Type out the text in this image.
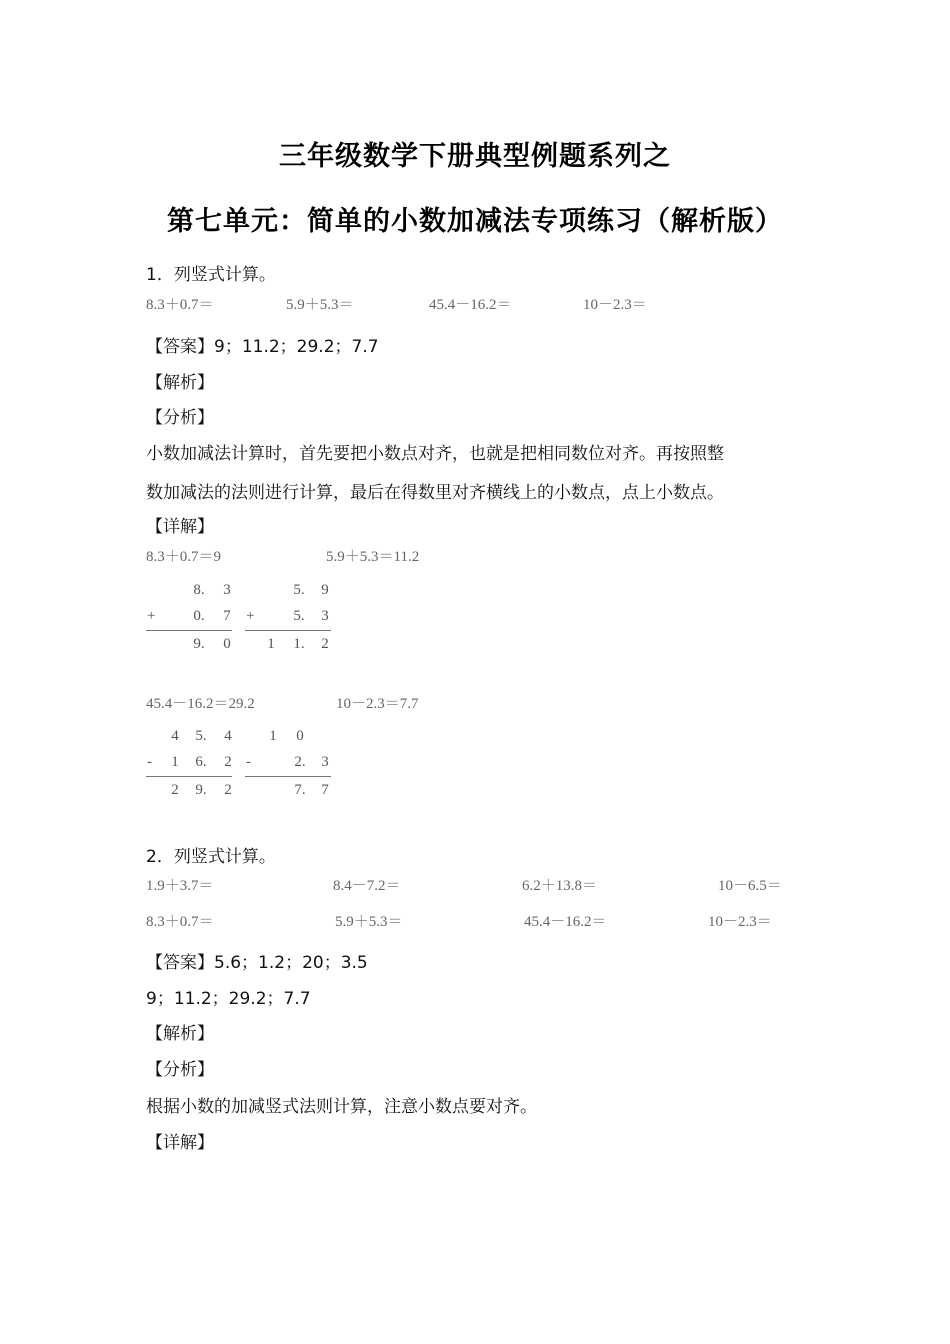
三年级数学下册典型例题系列之
第七单元：简单的小数加减法专项练习（解析版）
1．列竖式计算。
8.3＋0.7＝	5.9＋5.3＝	45.4－16.2＝	10－2.3＝
【答案】9；11.2；29.2；7.7
【解析】
【分析】
小数加减法计算时，首先要把小数点对齐，也就是把相同数位对齐。再按照整
数加减法的法则进行计算，最后在得数里对齐横线上的小数点，点上小数点。
【详解】
8.3＋0.7＝9	5.9＋5.3＝11.2
8. 3
+	0. 7
9. 0
5. 9
+	5. 3
1 1. 2
45.4－16.2＝29.2	10－2.3＝7.7
4 5. 4
- 1 6. 2
2 9. 2
1 0
-	2. 3
7. 7
2．列竖式计算。
1.9＋3.7＝	8.4－7.2＝	6.2＋13.8＝	10－6.5＝
8.3＋0.7＝	5.9＋5.3＝	45.4－16.2＝	10－2.3＝
【答案】5.6；1.2；20；3.5
9；11.2；29.2；7.7
【解析】
【分析】
根据小数的加减竖式法则计算，注意小数点要对齐。
【详解】
